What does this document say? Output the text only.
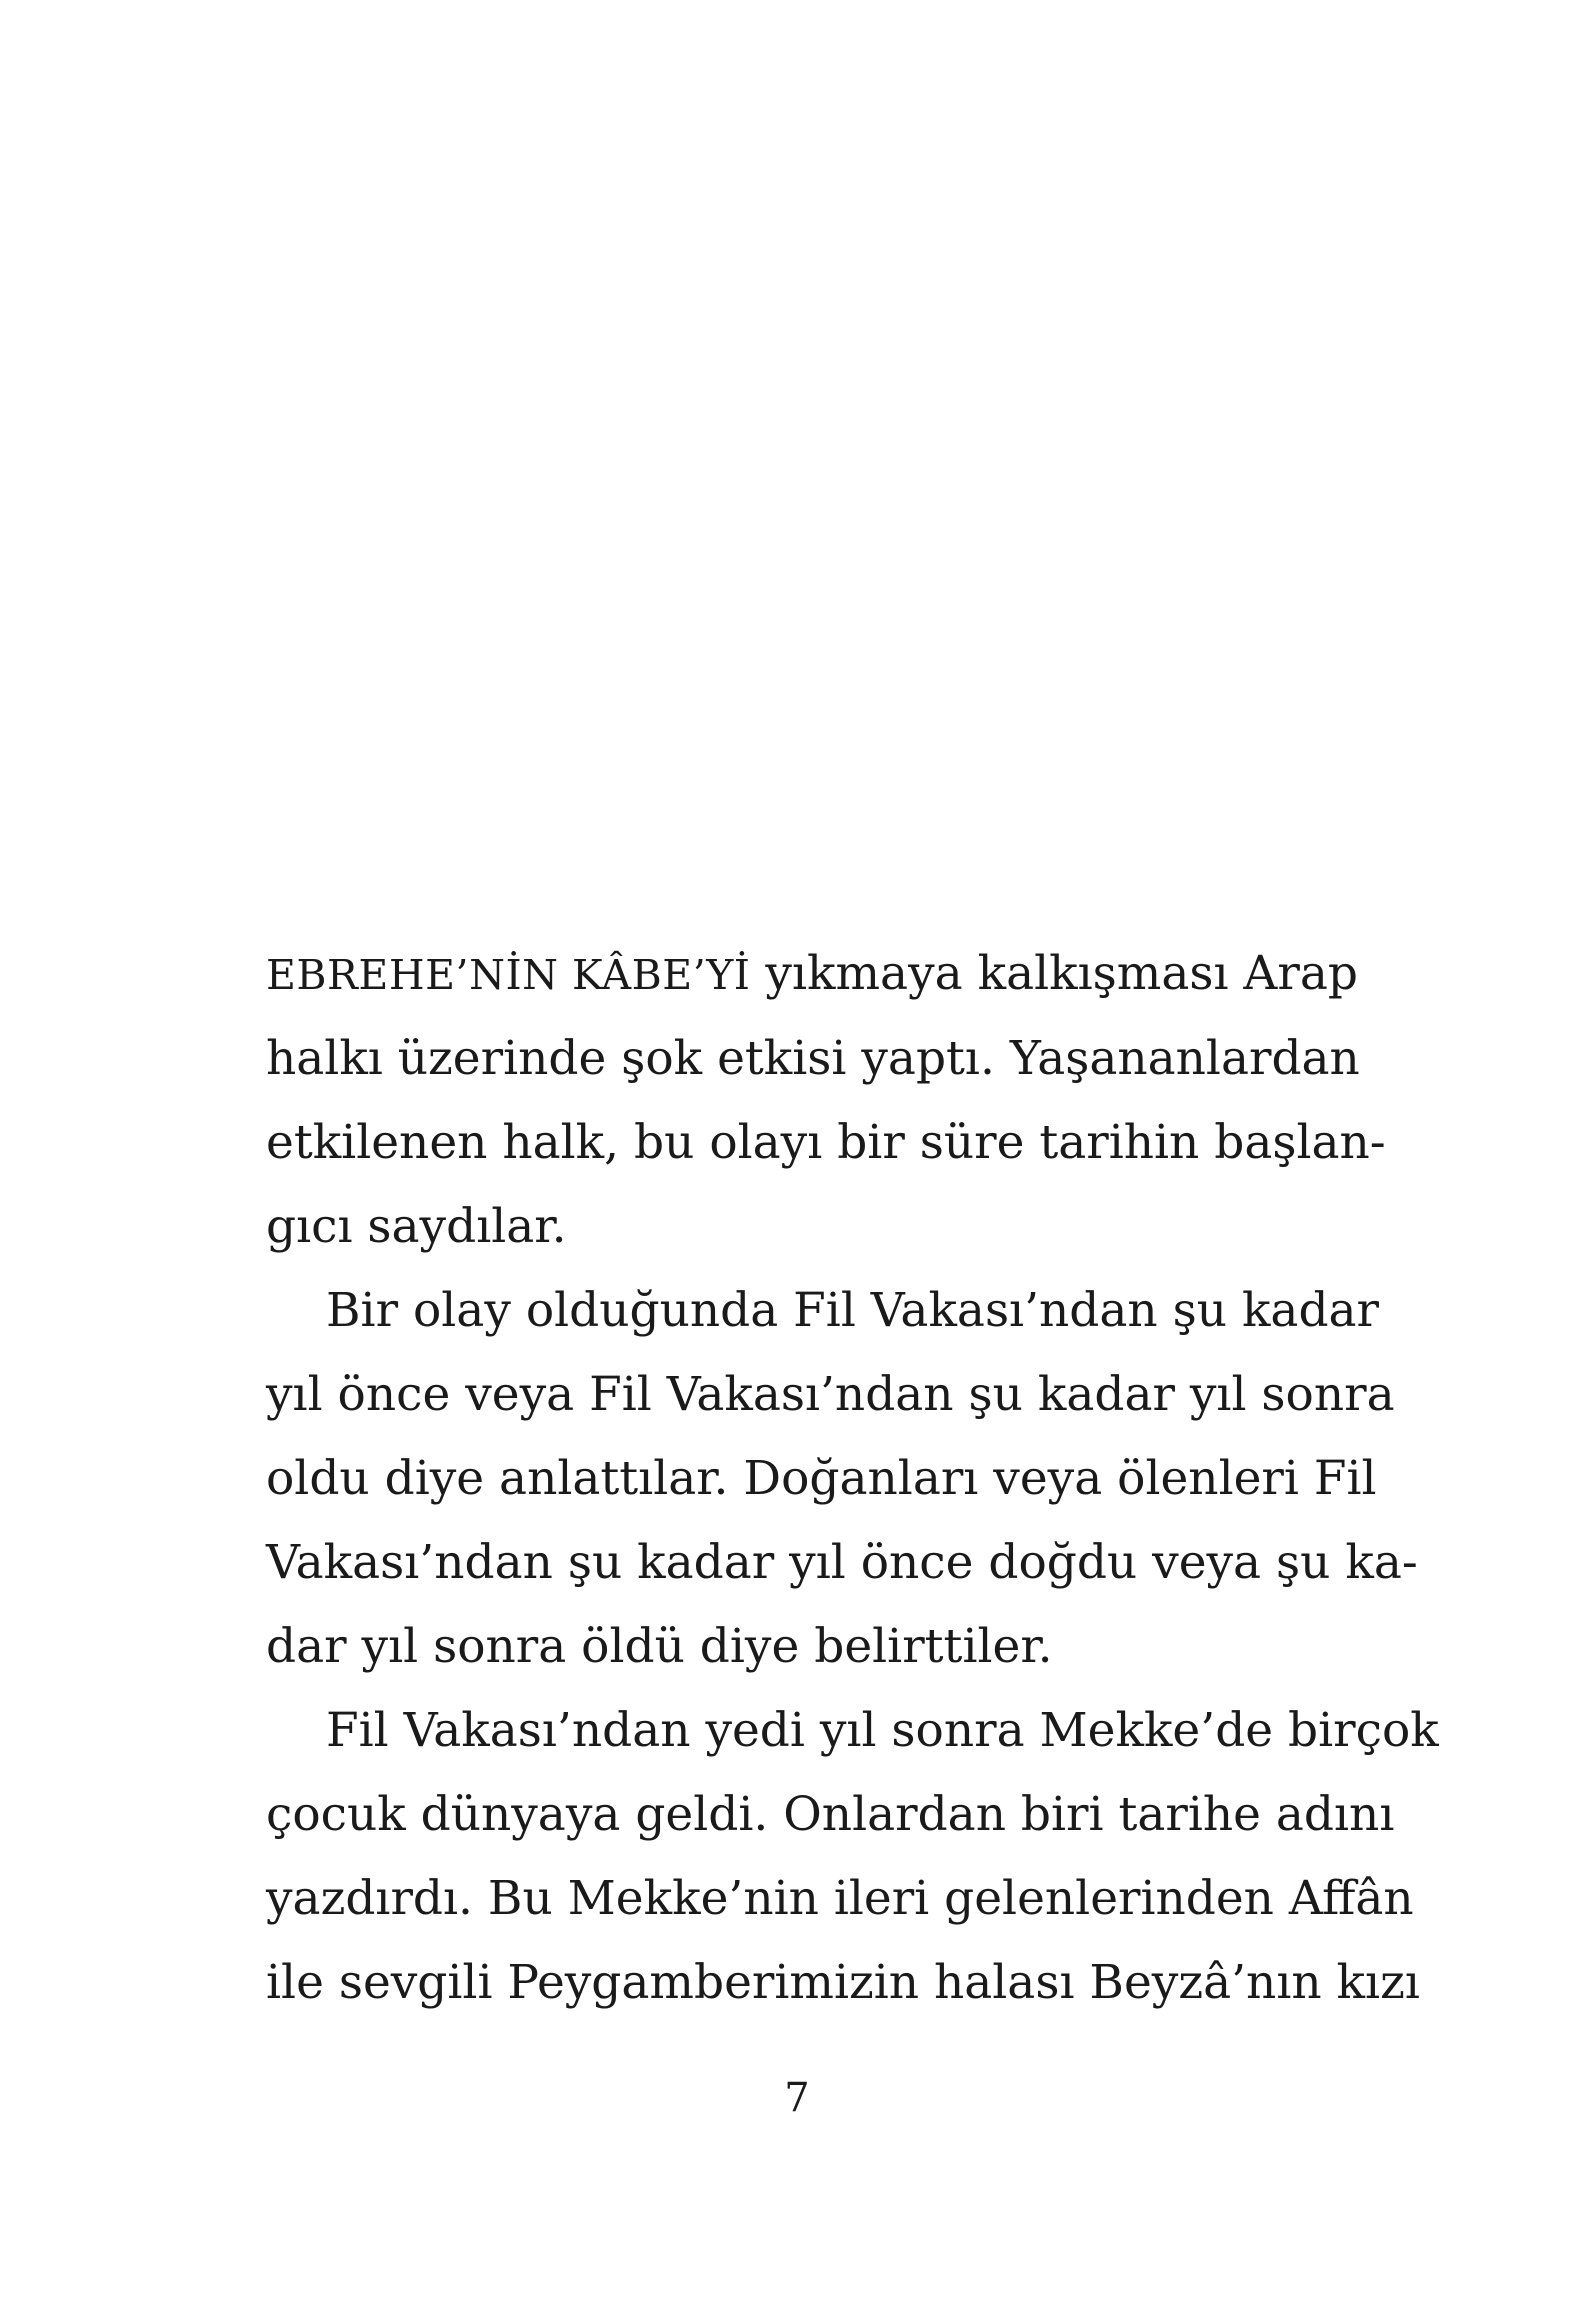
EBREHE’NİN KÂBE’Yİ yıkmaya kalkışması Arap
halkı üzerinde şok etkisi yaptı. Yaşananlardan
etkilenen halk, bu olayı bir süre tarihin başlan-
gıcı saydılar.
Bir olay olduğunda Fil Vakası’ndan şu kadar
yıl önce veya Fil Vakası’ndan şu kadar yıl sonra
oldu diye anlattılar. Doğanları veya ölenleri Fil
Vakası’ndan şu kadar yıl önce doğdu veya şu ka-
dar yıl sonra öldü diye belirttiler.
Fil Vakası’ndan yedi yıl sonra Mekke’de birçok
çocuk dünyaya geldi. Onlardan biri tarihe adını
yazdırdı. Bu Mekke’nin ileri gelenlerinden Affân
ile sevgili Peygamberimizin halası Beyzâ’nın kızı
7
